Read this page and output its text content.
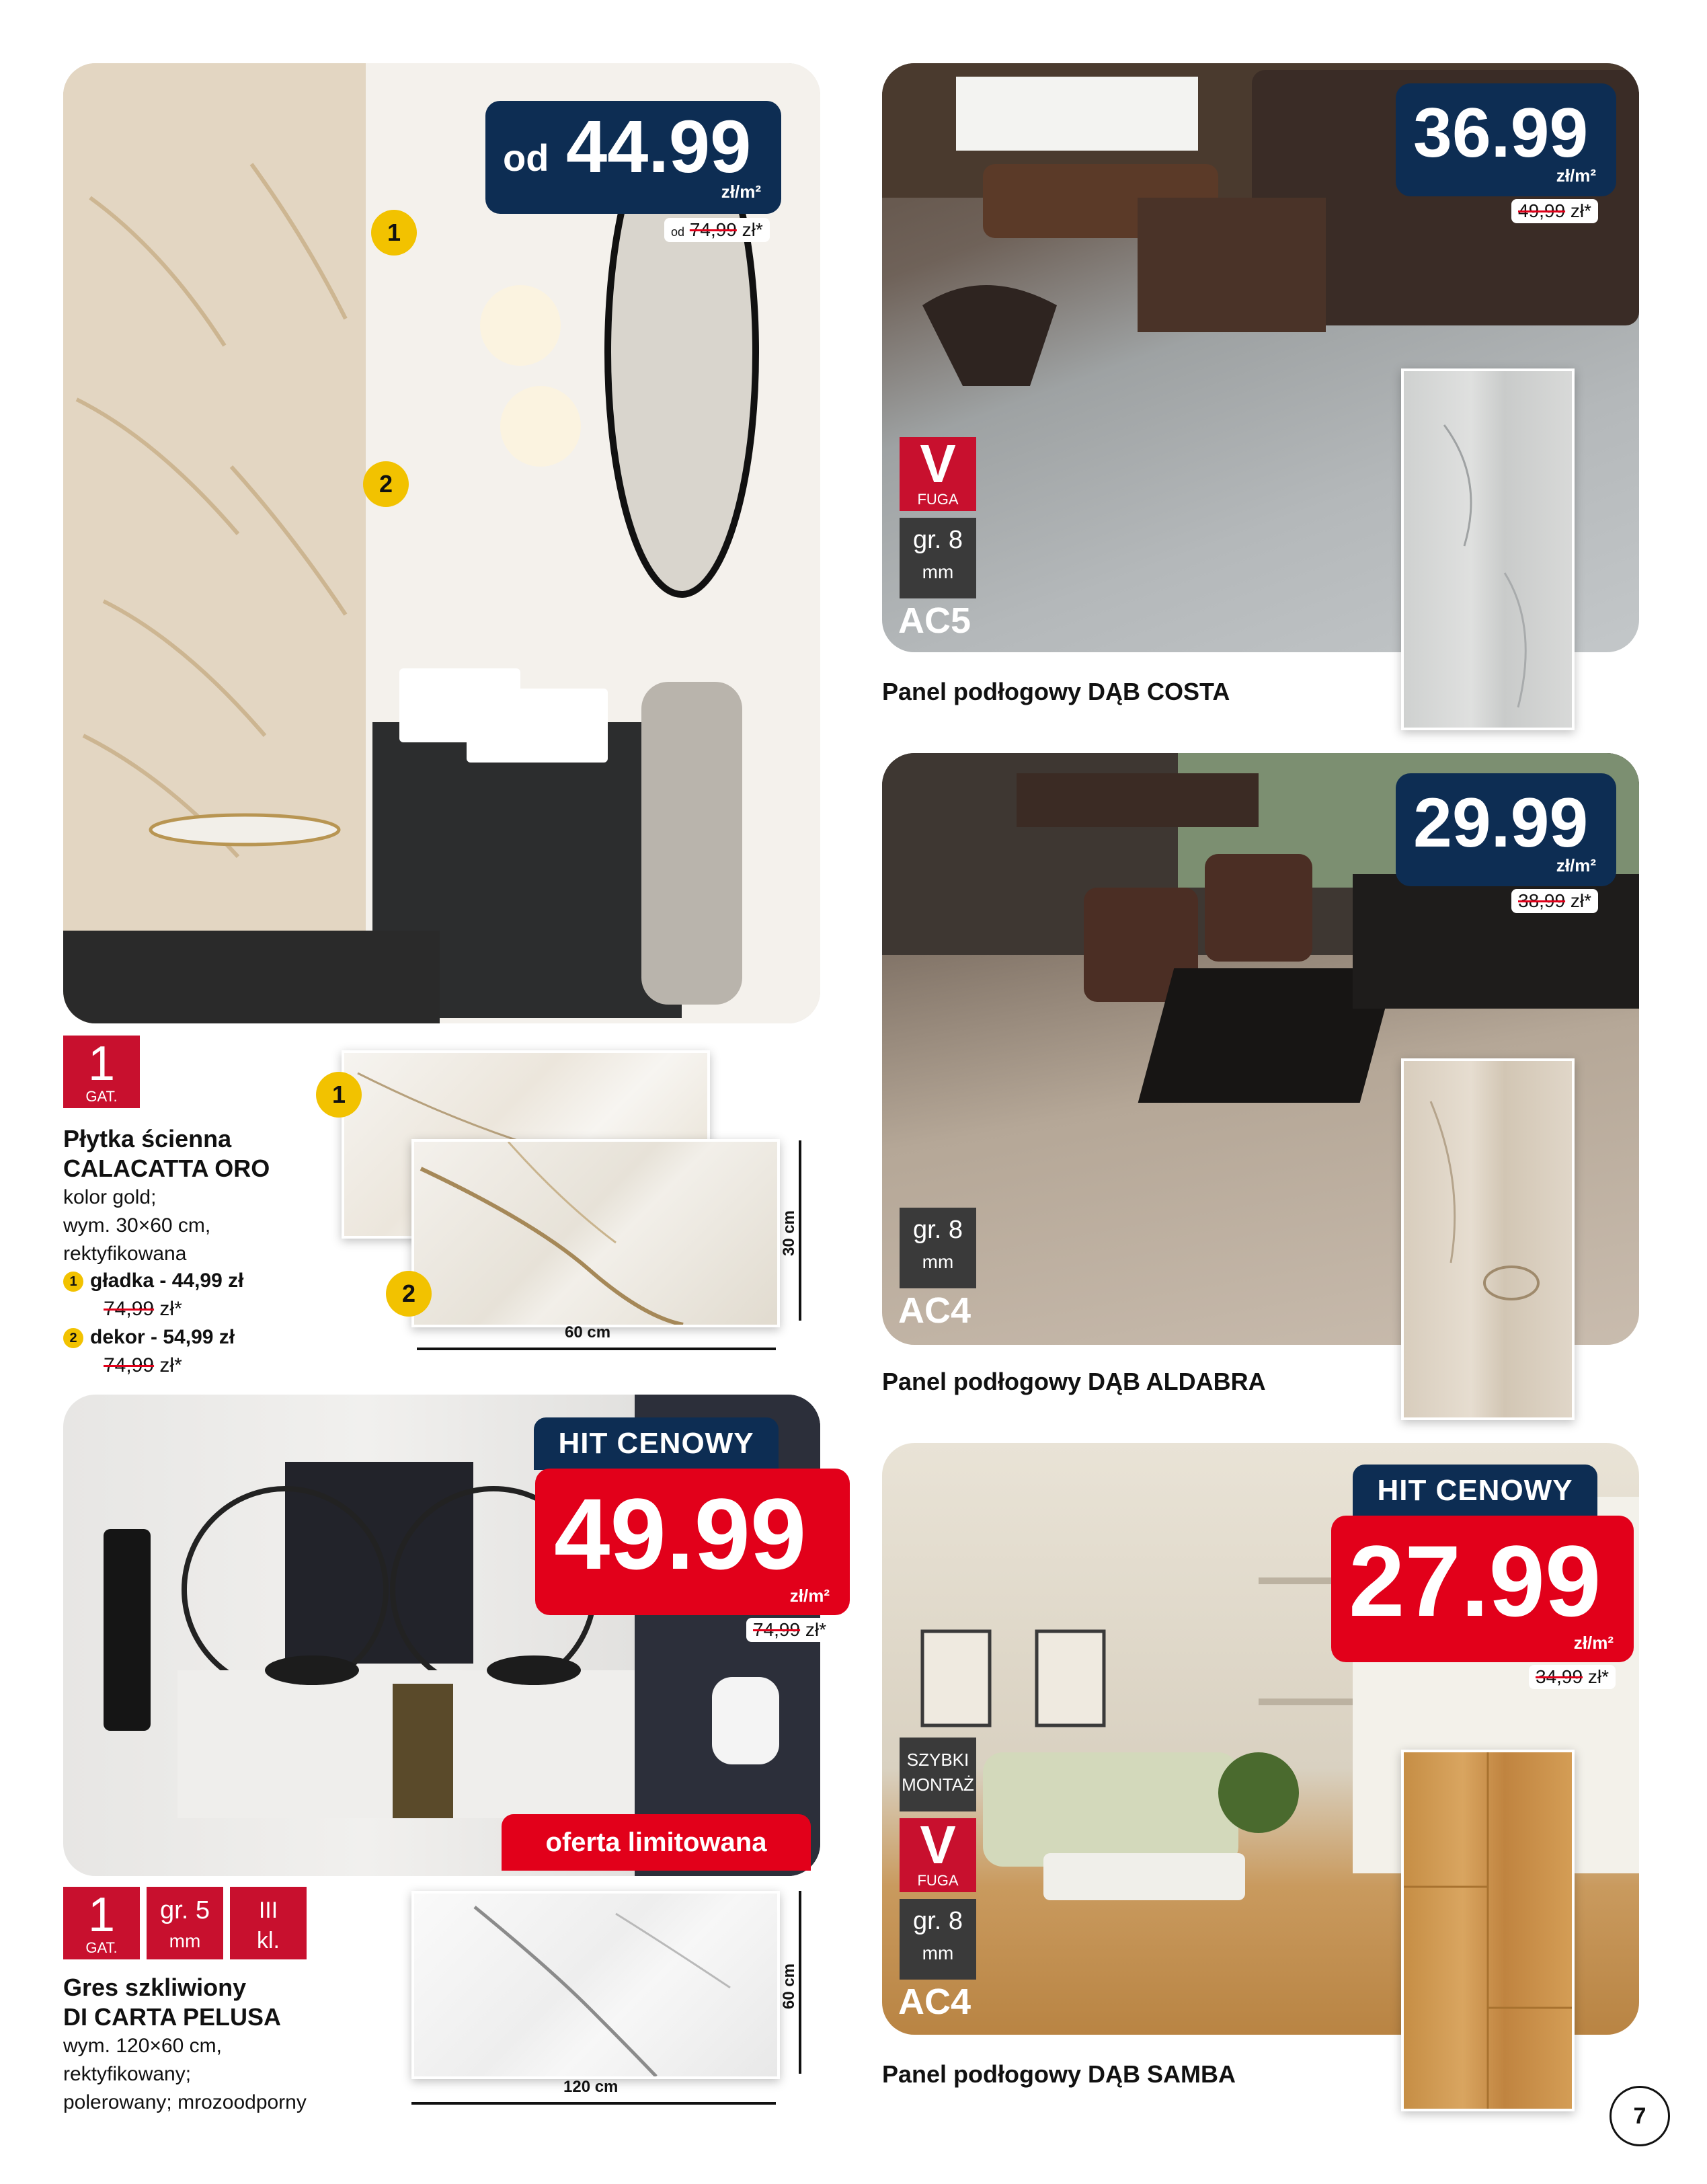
od 44.99
zł/m²
od 74,99 zł*
1
2
1
GAT.
Płytka ścienna
CALACATTA ORO
kolor gold;
wym. 30×60 cm,
rektyfikowana
1 gładka - 44,99 zł
74,99 zł*
2 dekor - 54,99 zł
74,99 zł*
1
2
30 cm
60 cm
36.99
zł/m²
49,99 zł*
V
FUGA
gr. 8
mm
AC5
Panel podłogowy DĄB COSTA
29.99
zł/m²
38,99 zł*
gr. 8
mm
AC4
Panel podłogowy DĄB ALDABRA
HIT CENOWY
49.99
zł/m²
74,99 zł*
oferta limitowana
1
GAT.
gr. 5
mm
III
kl.
Gres szkliwiony
DI CARTA PELUSA
wym. 120×60 cm,
rektyfikowany;
polerowany; mrozoodporny
60 cm
120 cm
HIT CENOWY
27.99
zł/m²
34,99 zł*
SZYBKI
MONTAŻ
V
FUGA
gr. 8
mm
AC4
Panel podłogowy DĄB SAMBA
7
